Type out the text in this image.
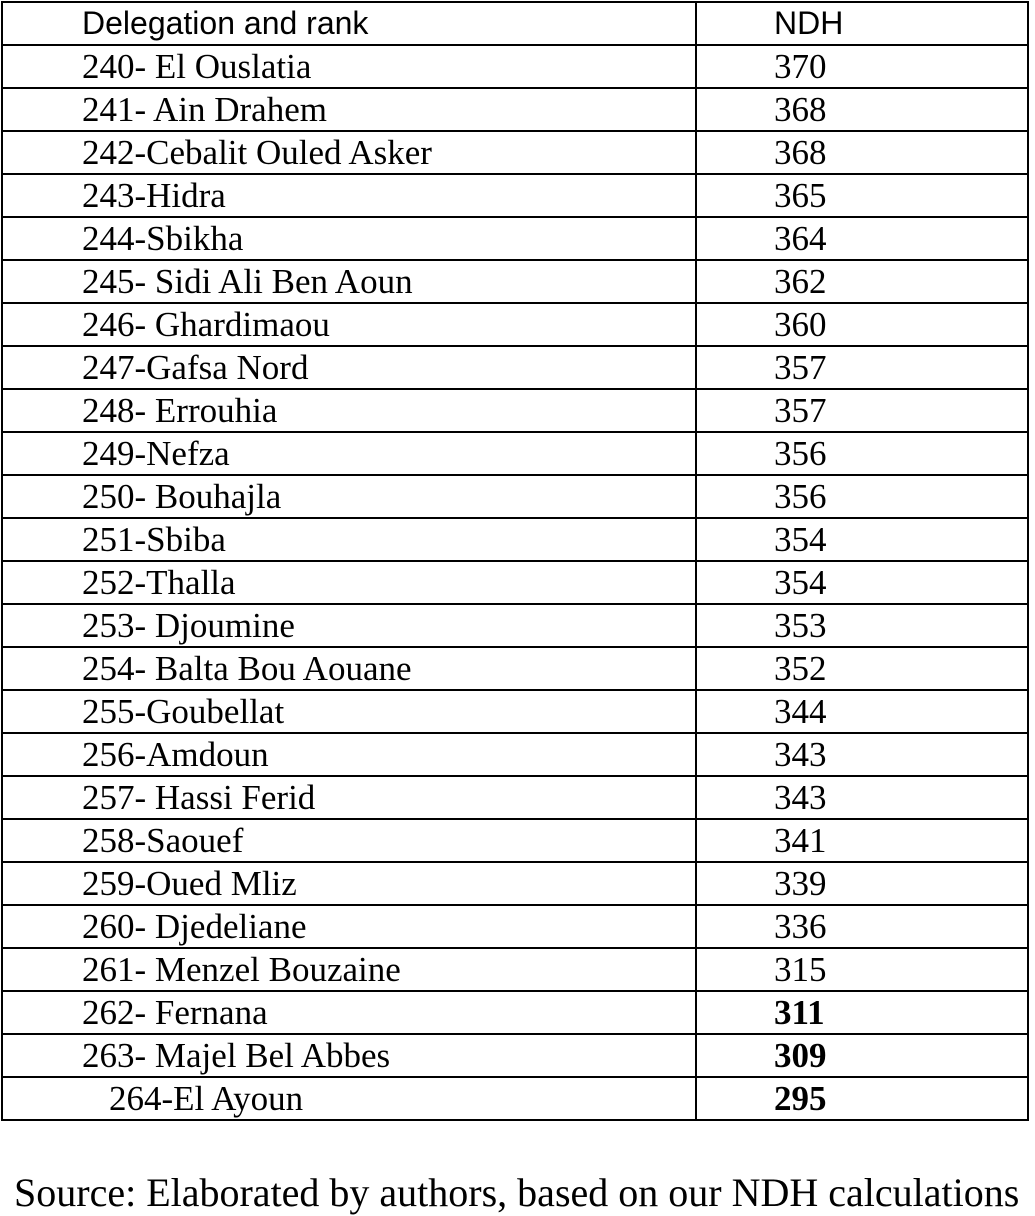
Delegation and rank	NDH
240- El Ouslatia	370
241- Ain Drahem	368
242-Cebalit Ouled Asker	368
243-Hidra	365
244-Sbikha	364
245- Sidi Ali Ben Aoun	362
246- Ghardimaou	360
247-Gafsa Nord	357
248- Errouhia	357
249-Nefza	356
250- Bouhajla	356
251-Sbiba	354
252-Thalla	354
253- Djoumine	353
254- Balta Bou Aouane	352
255-Goubellat	344
256-Amdoun	343
257- Hassi Ferid	343
258-Saouef	341
259-Oued Mliz	339
260- Djedeliane	336
261- Menzel Bouzaine	315
262- Fernana	311
263- Majel Bel Abbes	309
264-El Ayoun	295
Source: Elaborated by authors, based on our NDH calculations
